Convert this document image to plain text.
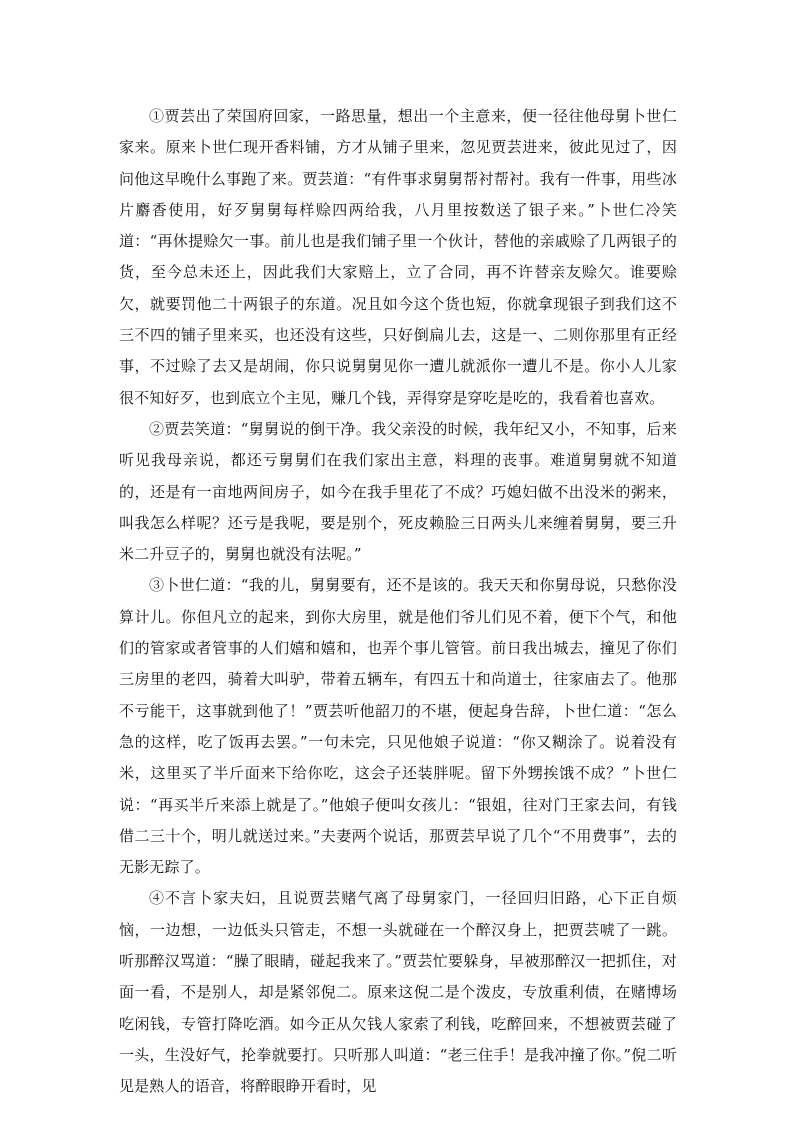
①贾芸出了荣国府回家，一路思量，想出一个主意来，便一径往他母舅卜世仁家来。原来卜世仁现开香料铺，方才从铺子里来，忽见贾芸进来，彼此见过了，因问他这早晚什么事跑了来。贾芸道：“有件事求舅舅帮衬帮衬。我有一件事，用些冰片麝香使用，好歹舅舅每样赊四两给我，八月里按数送了银子来。”卜世仁冷笑道：“再休提赊欠一事。前儿也是我们铺子里一个伙计，替他的亲戚赊了几两银子的货，至今总未还上，因此我们大家赔上，立了合同，再不许替亲友赊欠。谁要赊欠，就要罚他二十两银子的东道。况且如今这个货也短，你就拿现银子到我们这不三不四的铺子里来买，也还没有这些，只好倒扁儿去，这是一、二则你那里有正经事，不过赊了去又是胡闹，你只说舅舅见你一遭儿就派你一遭儿不是。你小人儿家很不知好歹，也到底立个主见，赚几个钱，弄得穿是穿吃是吃的，我看着也喜欢。

②贾芸笑道：“舅舅说的倒干净。我父亲没的时候，我年纪又小，不知事，后来听见我母亲说，都还亏舅舅们在我们家出主意，料理的丧事。难道舅舅就不知道的，还是有一亩地两间房子，如今在我手里花了不成？巧媳妇做不出没米的粥来，叫我怎么样呢？还亏是我呢，要是别个，死皮赖脸三日两头儿来缠着舅舅，要三升米二升豆子的，舅舅也就没有法呢。”

③卜世仁道：“我的儿，舅舅要有，还不是该的。我天天和你舅母说，只愁你没算计儿。你但凡立的起来，到你大房里，就是他们爷儿们见不着，便下个气，和他们的管家或者管事的人们嬉和嬉和，也弄个事儿管管。前日我出城去，撞见了你们三房里的老四，骑着大叫驴，带着五辆车，有四五十和尚道士，往家庙去了。他那不亏能干，这事就到他了！”贾芸听他韶刀的不堪，便起身告辞，卜世仁道：“怎么急的这样，吃了饭再去罢。”一句未完，只见他娘子说道：“你又糊涂了。说着没有米，这里买了半斤面来下给你吃，这会子还装胖呢。留下外甥挨饿不成？”卜世仁说：“再买半斤来添上就是了。”他娘子便叫女孩儿：“银姐，往对门王家去问，有钱借二三十个，明儿就送过来。”夫妻两个说话，那贾芸早说了几个“不用费事”，去的无影无踪了。

④不言卜家夫妇，且说贾芸赌气离了母舅家门，一径回归旧路，心下正自烦恼，一边想，一边低头只管走，不想一头就碰在一个醉汉身上，把贾芸唬了一跳。听那醉汉骂道：“臊了眼睛，碰起我来了。”贾芸忙要躲身，早被那醉汉一把抓住，对面一看，不是别人，却是紧邻倪二。原来这倪二是个泼皮，专放重利债，在赌博场吃闲钱，专管打降吃酒。如今正从欠钱人家索了利钱，吃醉回来，不想被贾芸碰了一头，生没好气，抡拳就要打。只听那人叫道：“老三住手！是我冲撞了你。”倪二听见是熟人的语音，将醉眼睁开看时，见
